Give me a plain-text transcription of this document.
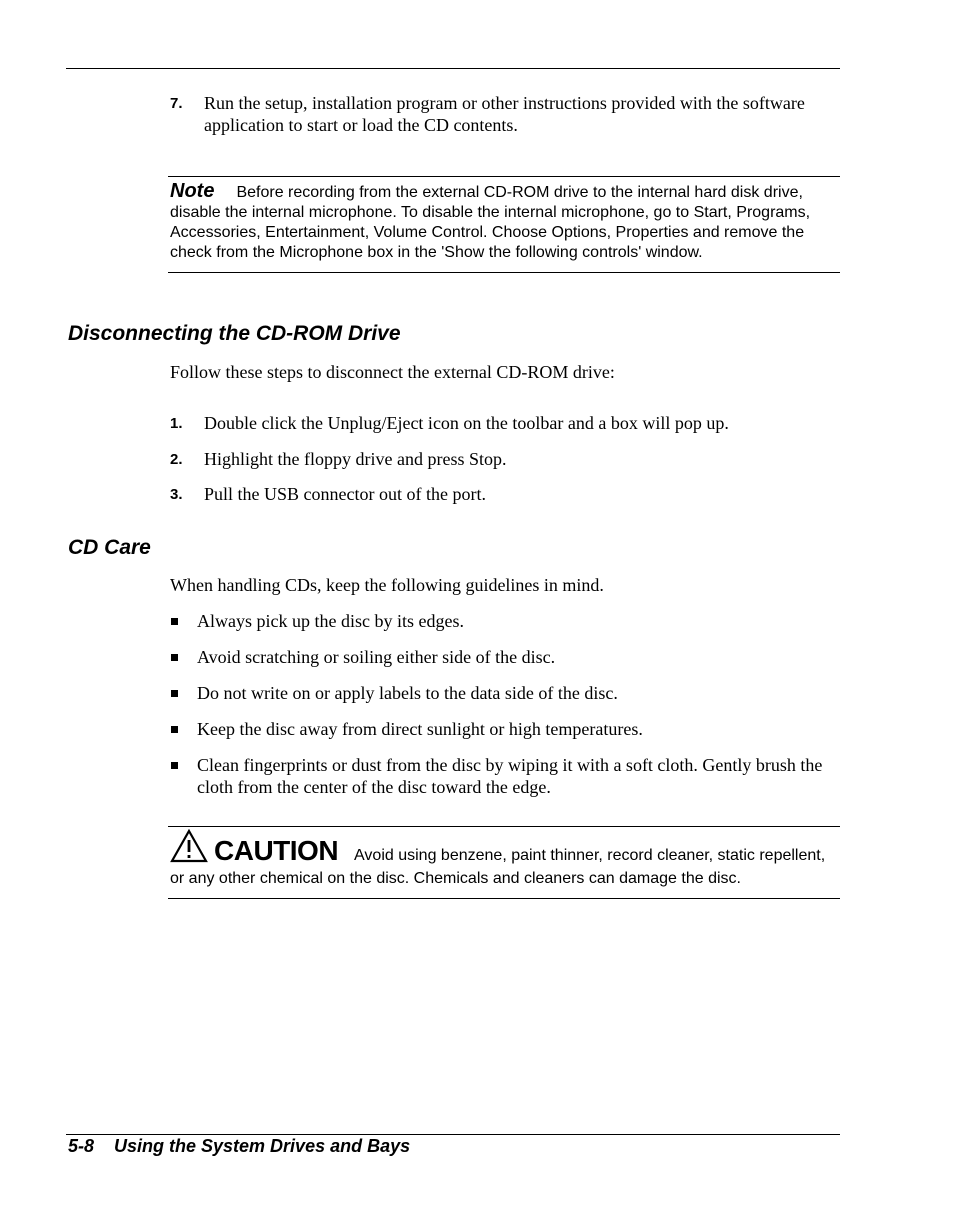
7. Run the setup, installation program or other instructions provided with the software application to start or load the CD contents.
Note Before recording from the external CD-ROM drive to the internal hard disk drive, disable the internal microphone. To disable the internal microphone, go to Start, Programs, Accessories, Entertainment, Volume Control. Choose Options, Properties and remove the check from the Microphone box in the 'Show the following controls' window.
Disconnecting the CD-ROM Drive
Follow these steps to disconnect the external CD-ROM drive:
1. Double click the Unplug/Eject icon on the toolbar and a box will pop up.
2. Highlight the floppy drive and press Stop.
3. Pull the USB connector out of the port.
CD Care
When handling CDs, keep the following guidelines in mind.
Always pick up the disc by its edges.
Avoid scratching or soiling either side of the disc.
Do not write on or apply labels to the data side of the disc.
Keep the disc away from direct sunlight or high temperatures.
Clean fingerprints or dust from the disc by wiping it with a soft cloth. Gently brush the cloth from the center of the disc toward the edge.
CAUTION Avoid using benzene, paint thinner, record cleaner, static repellent, or any other chemical on the disc. Chemicals and cleaners can damage the disc.
5-8 Using the System Drives and Bays
